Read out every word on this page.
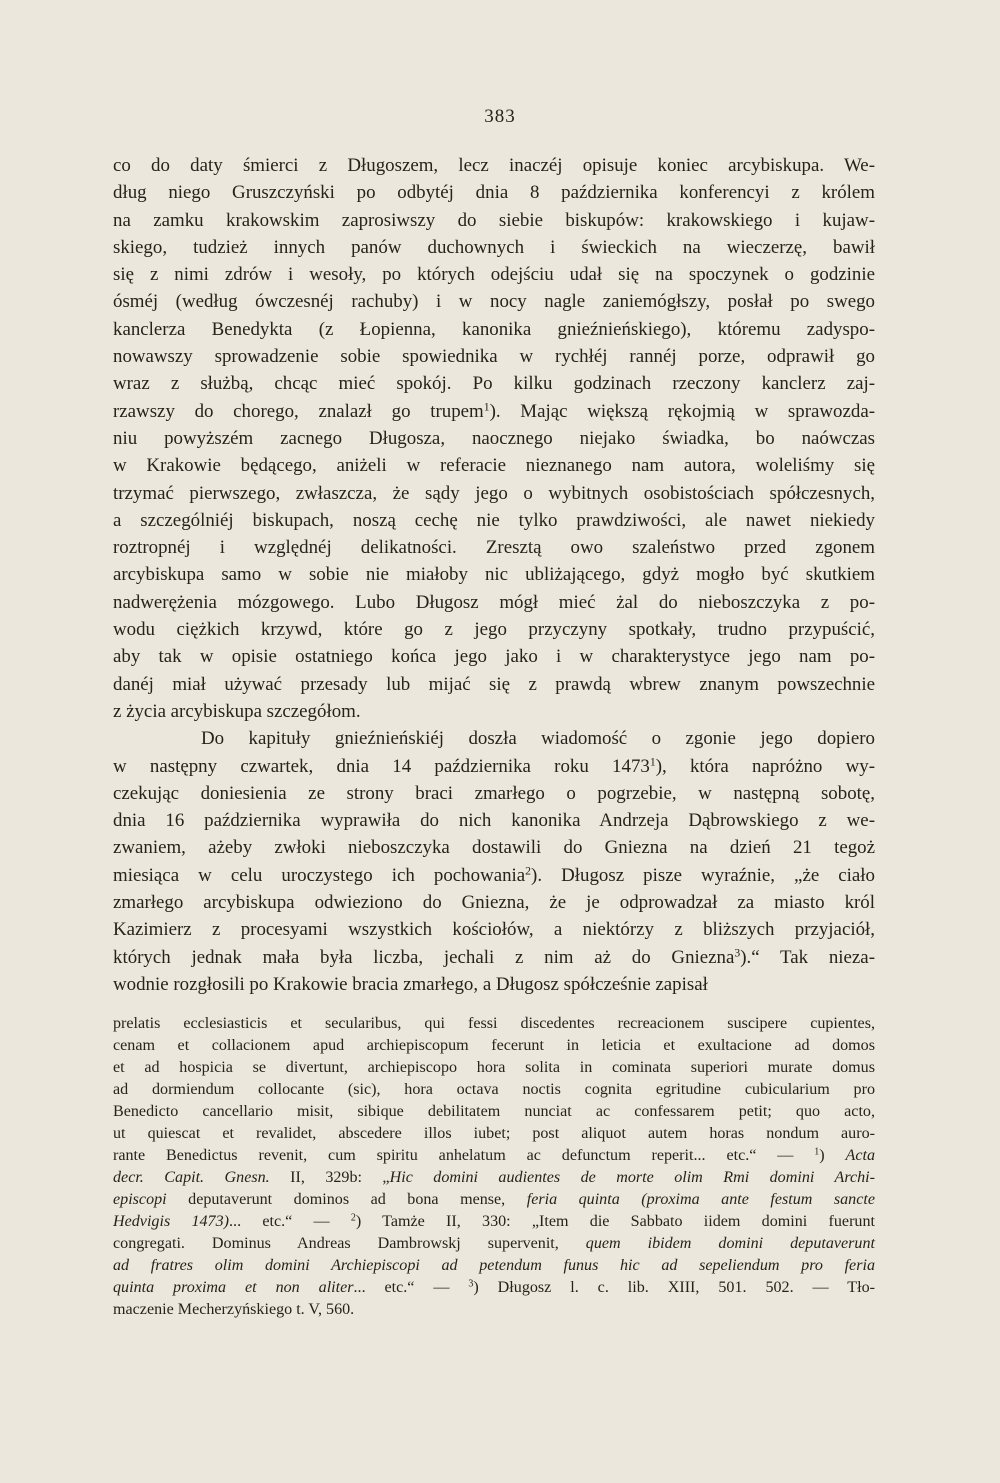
383
co do daty śmierci z Długoszem, lecz inaczéj opisuje koniec arcybiskupa. We-
dług niego Gruszczyński po odbytéj dnia 8 października konferencyi z królem
na zamku krakowskim zaprosiwszy do siebie biskupów: krakowskiego i kujaw-
skiego, tudzież innych panów duchownych i świeckich na wieczerzę, bawił
się z nimi zdrów i wesoły, po których odejściu udał się na spoczynek o godzinie
ósméj (według ówczesnéj rachuby) i w nocy nagle zaniemógłszy, posłał po swego
kanclerza Benedykta (z Łopienna, kanonika gnieźnieńskiego), któremu zadyspo-
nowawszy sprowadzenie sobie spowiednika w rychłéj rannéj porze, odprawił go
wraz z służbą, chcąc mieć spokój. Po kilku godzinach rzeczony kanclerz zaj-
rzawszy do chorego, znalazł go trupem$^1$). Mając większą rękojmią w sprawozda-
niu powyższém zacnego Długosza, naocznego niejako świadka, bo naówczas
w Krakowie będącego, aniżeli w referacie nieznanego nam autora, woleliśmy się
trzymać pierwszego, zwłaszcza, że sądy jego o wybitnych osobistościach spółczesnych,
a szczególniéj biskupach, noszą cechę nie tylko prawdziwości, ale nawet niekiedy
roztropnéj i względnéj delikatności. Zresztą owo szaleństwo przed zgonem
arcybiskupa samo w sobie nie miałoby nic ubliżającego, gdyż mogło być skutkiem
nadwerężenia mózgowego. Lubo Długosz mógł mieć żal do nieboszczyka z po-
wodu ciężkich krzywd, które go z jego przyczyny spotkały, trudno przypuścić,
aby tak w opisie ostatniego końca jego jako i w charakterystyce jego nam po-
danéj miał używać przesady lub mijać się z prawdą wbrew znanym powszechnie
z życia arcybiskupa szczegółom.
Do kapituły gnieźnieńskiéj doszła wiadomość o zgonie jego dopiero
w następny czwartek, dnia 14 października roku 1473$^1$), która napróżno wy-
czekując doniesienia ze strony braci zmarłego o pogrzebie, w następną sobotę,
dnia 16 października wyprawiła do nich kanonika Andrzeja Dąbrowskiego z we-
zwaniem, ażeby zwłoki nieboszczyka dostawili do Gniezna na dzień 21 tegoż
miesiąca w celu uroczystego ich pochowania$^2$). Długosz pisze wyraźnie, „że ciało
zmarłego arcybiskupa odwieziono do Gniezna, że je odprowadzał za miasto król
Kazimierz z procesyami wszystkich kościołów, a niektórzy z bliższych przyjaciół,
których jednak mała była liczba, jechali z nim aż do Gniezna$^3$).“ Tak nieza-
wodnie rozgłosili po Krakowie bracia zmarłego, a Długosz spółcześnie zapisał
prelatis ecclesiasticis et secularibus, qui fessi discedentes recreacionem suscipere cupientes,
cenam et collacionem apud archiepiscopum fecerunt in leticia et exultacione ad domos
et ad hospicia se divertunt, archiepiscopo hora solita in cominata superiori murate domus
ad dormiendum collocante (sic), hora octava noctis cognita egritudine cubicularium pro
Benedicto cancellario misit, sibique debilitatem nunciat ac confessarem petit; quo acto,
ut quiescat et revalidet, abscedere illos iubet; post aliquot autem horas nondum auro-
rante Benedictus revenit, cum spiritu anhelatum ac defunctum reperit... etc.“ — $^1$) Acta
decr. Capit. Gnesn. II, 329b: „Hic domini audientes de morte olim Rmi domini Archi-
episcopi deputaverunt dominos ad bona mense, feria quinta (proxima ante festum sancte
Hedvigis 1473)... etc.“ — $^2$) Tamże II, 330: „Item die Sabbato iidem domini fuerunt
congregati. Dominus Andreas Dambrowskj supervenit, quem ibidem domini deputaverunt
ad fratres olim domini Archiepiscopi ad petendum funus hic ad sepeliendum pro feria
quinta proxima et non aliter... etc.“ — $^3$) Długosz l. c. lib. XIII, 501. 502. — Tło-
maczenie Mecherzyńskiego t. V, 560.
